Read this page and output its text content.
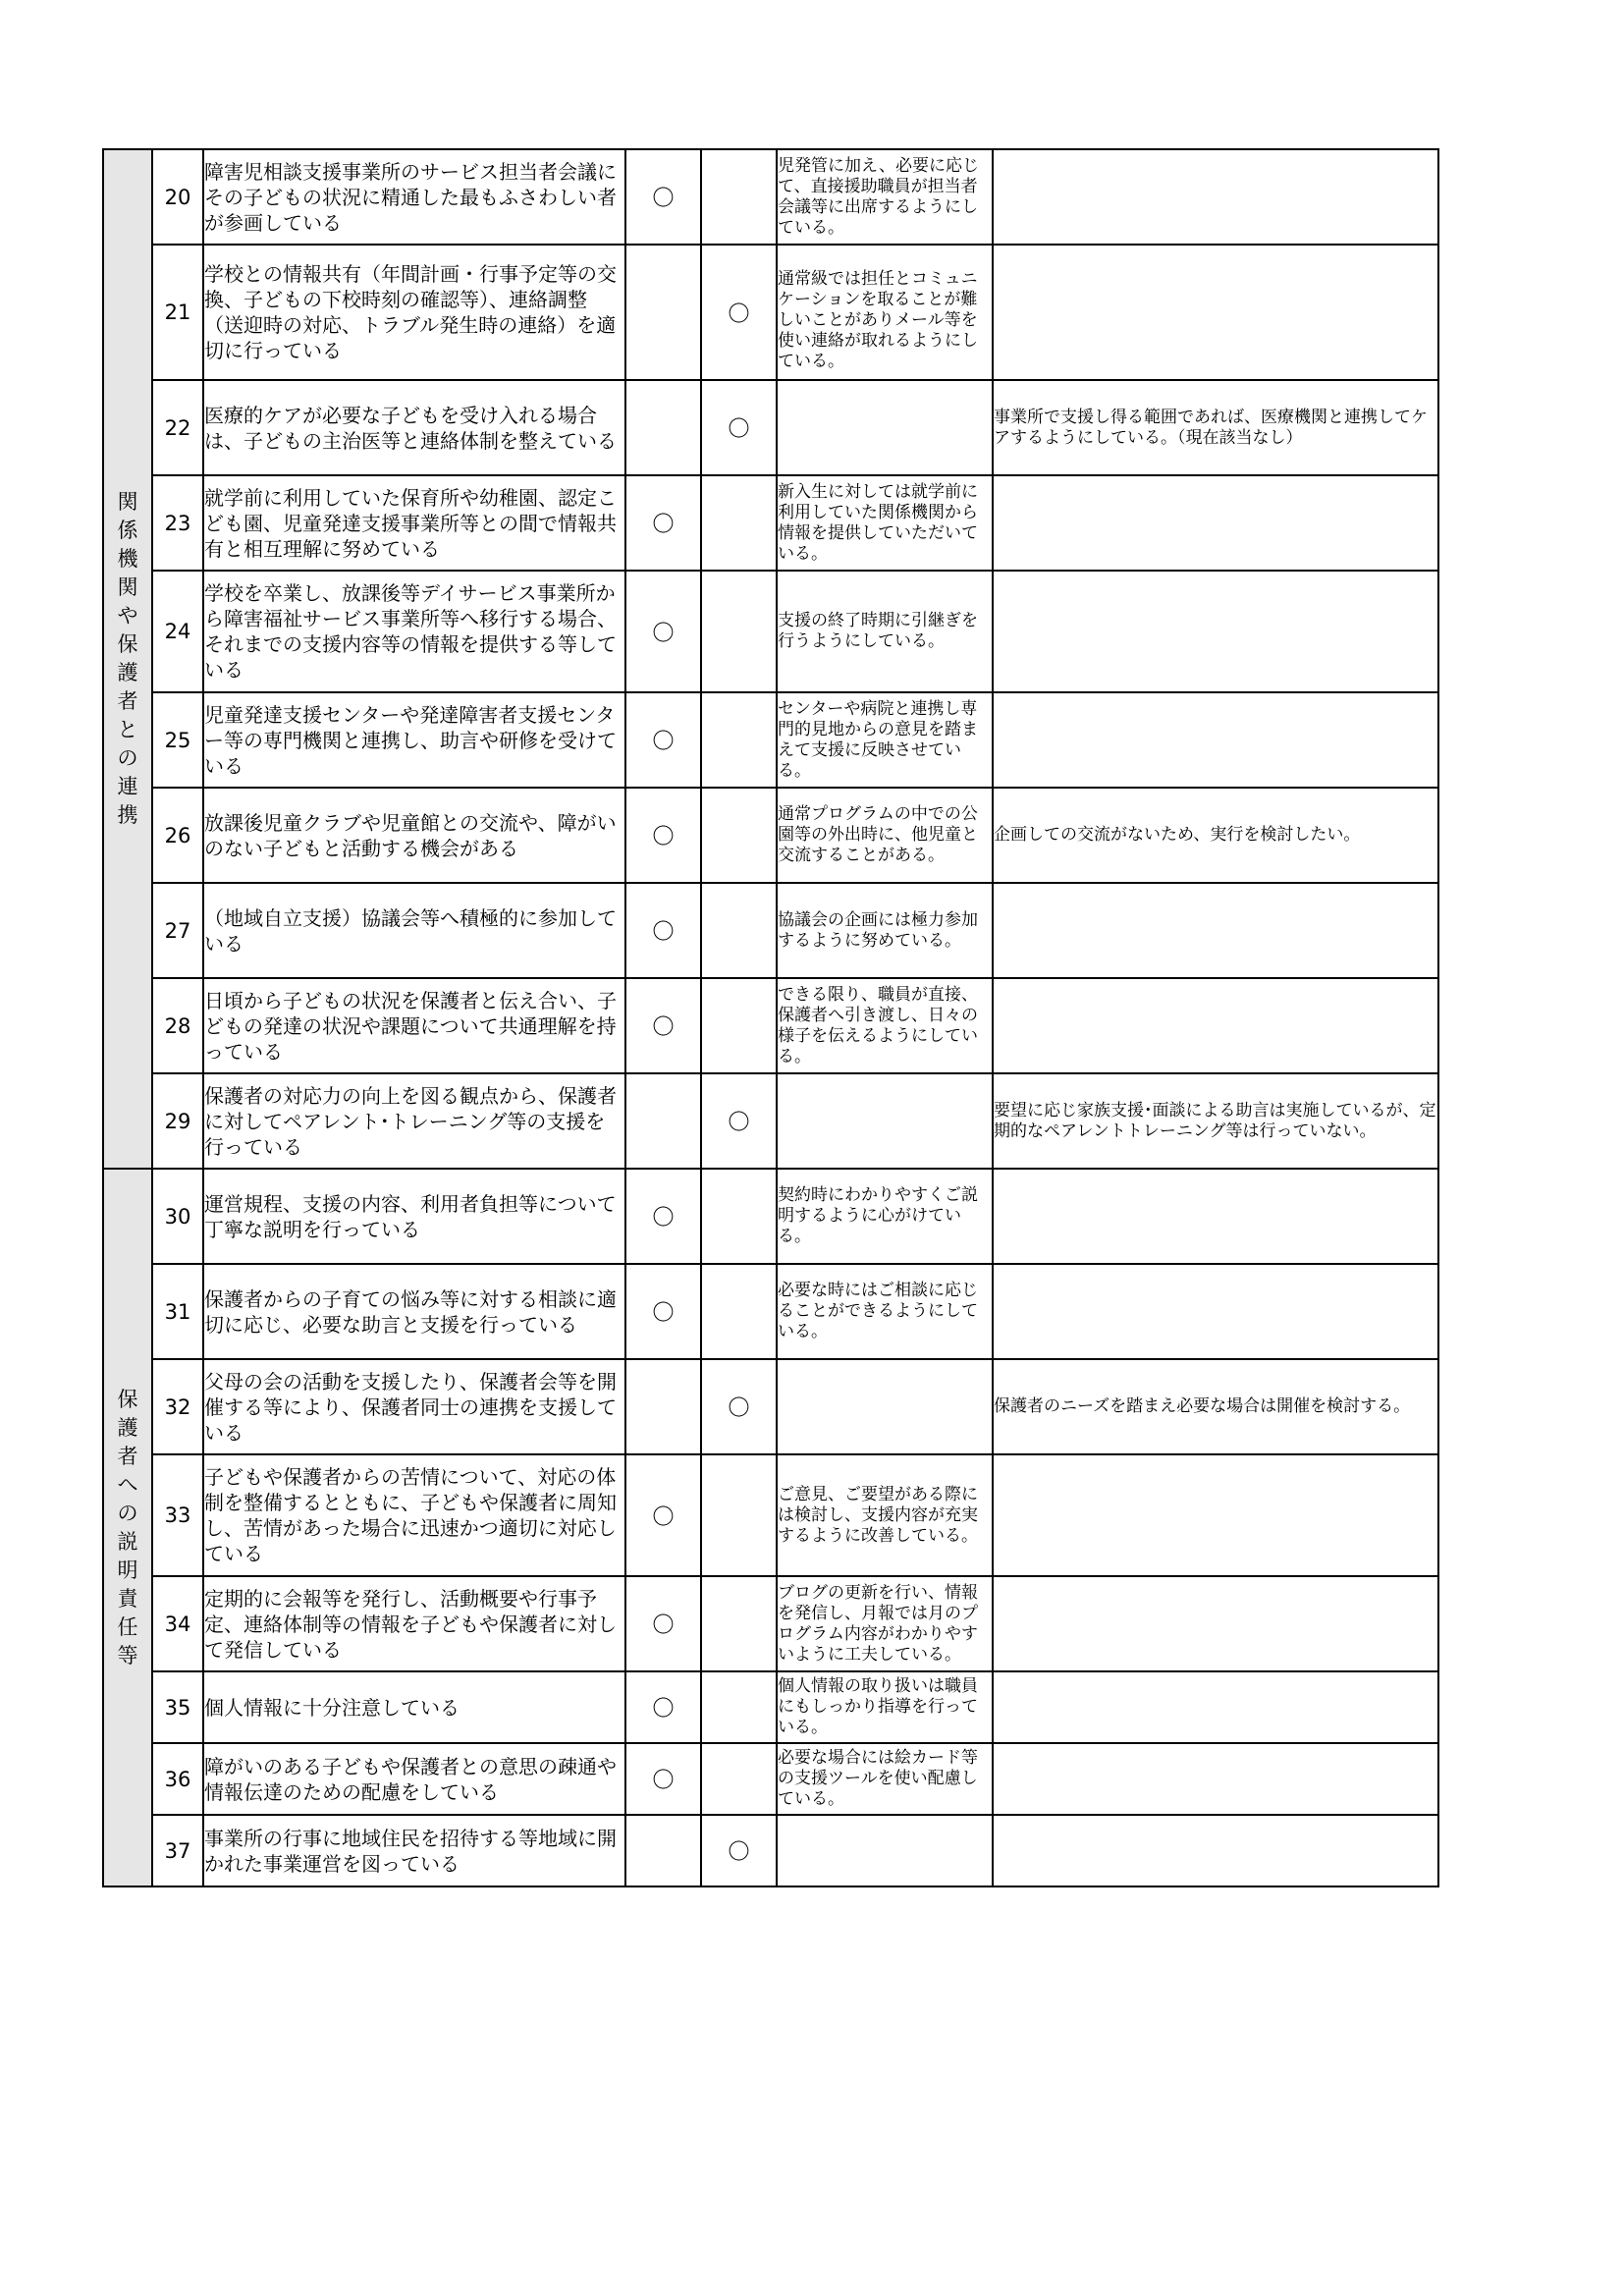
関係機関や保護者との連携	20	障害児相談支援事業所のサービス担当者会議にその子どもの状況に精通した最もふさわしい者が参画している	〇		児発管に加え、必要に応じて、直接援助職員が担当者会議等に出席するようにしている。	

	21	学校との情報共有（年間計画・行事予定等の交換、子どもの下校時刻の確認等）、連絡調整（送迎時の対応、トラブル発生時の連絡）を適切に行っている		〇	通常級では担任とコミュニケーションを取ることが難しいことがありメール等を使い連絡が取れるようにしている。	

	22	医療的ケアが必要な子どもを受け入れる場合は、子どもの主治医等と連絡体制を整えている		〇		事業所で支援し得る範囲であれば、医療機関と連携してケアするようにしている。（現在該当なし）
	23	就学前に利用していた保育所や幼稚園、認定こども園、児童発達支援事業所等との間で情報共有と相互理解に努めている	〇		新入生に対しては就学前に利用していた関係機関から情報を提供していただいている。	

	24	学校を卒業し、放課後等デイサービス事業所から障害福祉サービス事業所等へ移行する場合、それまでの支援内容等の情報を提供する等している	〇		支援の終了時期に引継ぎを行うようにしている。	

	25	児童発達支援センターや発達障害者支援センター等の専門機関と連携し、助言や研修を受けている	〇		センターや病院と連携し専門的見地からの意見を踏まえて支援に反映させている。	

	26	放課後児童クラブや児童館との交流や、障がいのない子どもと活動する機会がある	〇		通常プログラムの中での公園等の外出時に、他児童と交流することがある。	企画しての交流がないため、実行を検討したい。
	27	（地域自立支援）協議会等へ積極的に参加している	〇		協議会の企画には極力参加するように努めている。	

	28	日頃から子どもの状況を保護者と伝え合い、子どもの発達の状況や課題について共通理解を持っている	〇		できる限り、職員が直接、保護者へ引き渡し、日々の様子を伝えるようにしている。	

	29	保護者の対応力の向上を図る観点から、保護者に対してペアレント･トレーニング等の支援を行っている		〇		要望に応じ家族支援･面談による助言は実施しているが、定期的なペアレントトレーニング等は行っていない。
保護者への説明責任等	30	運営規程、支援の内容、利用者負担等について丁寧な説明を行っている	〇		契約時にわかりやすくご説明するように心がけている。	

	31	保護者からの子育ての悩み等に対する相談に適切に応じ、必要な助言と支援を行っている	〇		必要な時にはご相談に応じることができるようにしている。	

	32	父母の会の活動を支援したり、保護者会等を開催する等により、保護者同士の連携を支援している		〇		保護者のニーズを踏まえ必要な場合は開催を検討する。
	33	子どもや保護者からの苦情について、対応の体制を整備するとともに、子どもや保護者に周知し、苦情があった場合に迅速かつ適切に対応している	〇		ご意見、ご要望がある際には検討し、支援内容が充実するように改善している。	

	34	定期的に会報等を発行し、活動概要や行事予定、連絡体制等の情報を子どもや保護者に対して発信している	〇		ブログの更新を行い、情報を発信し、月報では月のプログラム内容がわかりやすいように工夫している。	

	35	個人情報に十分注意している	〇		個人情報の取り扱いは職員にもしっかり指導を行っている。	

	36	障がいのある子どもや保護者との意思の疎通や情報伝達のための配慮をしている	〇		必要な場合には絵カード等の支援ツールを使い配慮している。	

	37	事業所の行事に地域住民を招待する等地域に開かれた事業運営を図っている		〇	
